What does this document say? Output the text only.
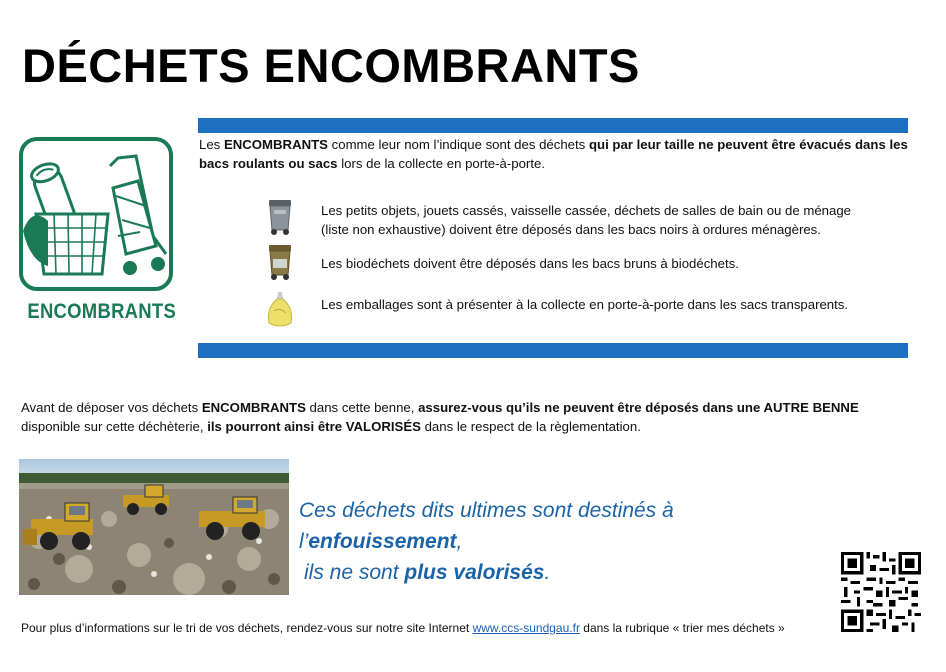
DÉCHETS ENCOMBRANTS
ENCOMBRANTS

Les ENCOMBRANTS comme leur nom l’indique sont des déchets qui par leur taille ne peuvent être évacués dans les bacs roulants ou sacs lors de la collecte en porte-à-porte.

Les petits objets, jouets cassés, vaisselle cassée, déchets de salles de bain ou de ménage
(liste non exhaustive) doivent être déposés dans les bacs noirs à ordures ménagères.
Les biodéchets doivent être déposés dans les bacs bruns à biodéchets.
Les emballages sont à présenter à la collecte en porte-à-porte dans les sacs transparents.

Avant de déposer vos déchets ENCOMBRANTS dans cette benne, assurez-vous qu’ils ne peuvent être déposés dans une AUTRE BENNE
disponible sur cette déchèterie, ils pourront ainsi être VALORISÉS dans le respect de la règlementation.

Ces déchets dits ultimes sont destinés à l’enfouissement,
ils ne sont plus valorisés.

Pour plus d’informations sur le tri de vos déchets, rendez-vous sur notre site Internet www.ccs-sundgau.fr dans la rubrique « trier mes déchets »
